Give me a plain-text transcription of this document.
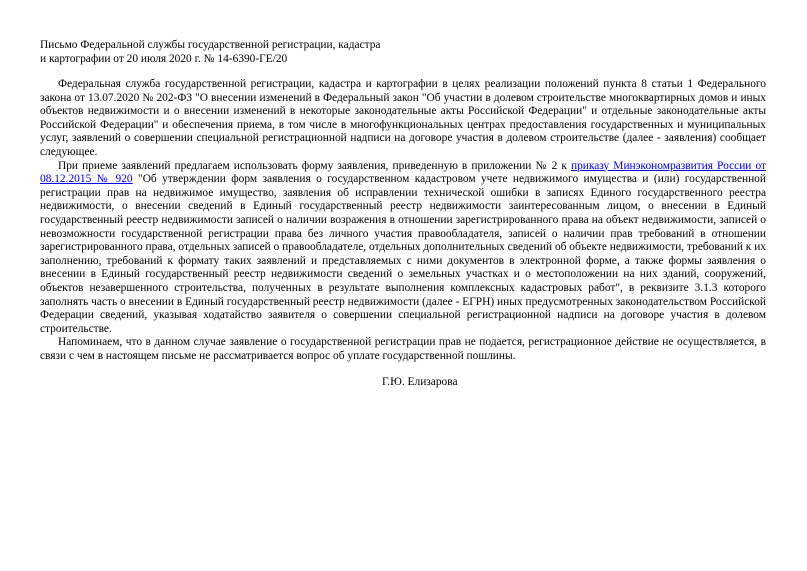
Письмо Федеральной службы государственной регистрации, кадастра
и картографии от 20 июля 2020 г. № 14-6390-ГЕ/20

Федеральная служба государственной регистрации, кадастра и картографии в целях реализации положений пункта 8 статьи 1 Федерального закона от 13.07.2020 № 202-ФЗ "О внесении изменений в Федеральный закон "Об участии в долевом строительстве многоквартирных домов и иных объектов недвижимости и о внесении изменений в некоторые законодательные акты Российской Федерации" и отдельные законодательные акты Российской Федерации" и обеспечения приема, в том числе в многофункциональных центрах предоставления государственных и муниципальных услуг, заявлений о совершении специальной регистрационной надписи на договоре участия в долевом строительстве (далее - заявления) сообщает следующее.

При приеме заявлений предлагаем использовать форму заявления, приведенную в приложении № 2 к приказу Минэкономразвития России от 08.12.2015 № 920 "Об утверждении форм заявления о государственном кадастровом учете недвижимого имущества и (или) государственной регистрации прав на недвижимое имущество, заявления об исправлении технической ошибки в записях Единого государственного реестра недвижимости, о внесении сведений в Единый государственный реестр недвижимости заинтересованным лицом, о внесении в Единый государственный реестр недвижимости записей о наличии возражения в отношении зарегистрированного права на объект недвижимости, записей о невозможности государственной регистрации права без личного участия правообладателя, записей о наличии прав требований в отношении зарегистрированного права, отдельных записей о правообладателе, отдельных дополнительных сведений об объекте недвижимости, требований к их заполнению, требований к формату таких заявлений и представляемых с ними документов в электронной форме, а также формы заявления о внесении в Единый государственный реестр недвижимости сведений о земельных участках и о местоположении на них зданий, сооружений, объектов незавершенного строительства, полученных в результате выполнения комплексных кадастровых работ", в реквизите 3.1.3 которого заполнять часть о внесении в Единый государственный реестр недвижимости (далее - ЕГРН) иных предусмотренных законодательством Российской Федерации сведений, указывая ходатайство заявителя о совершении специальной регистрационной надписи на договоре участия в долевом строительстве.

Напоминаем, что в данном случае заявление о государственной регистрации прав не подается, регистрационное действие не осуществляется, в связи с чем в настоящем письме не рассматривается вопрос об уплате государственной пошлины.

Г.Ю. Елизарова
